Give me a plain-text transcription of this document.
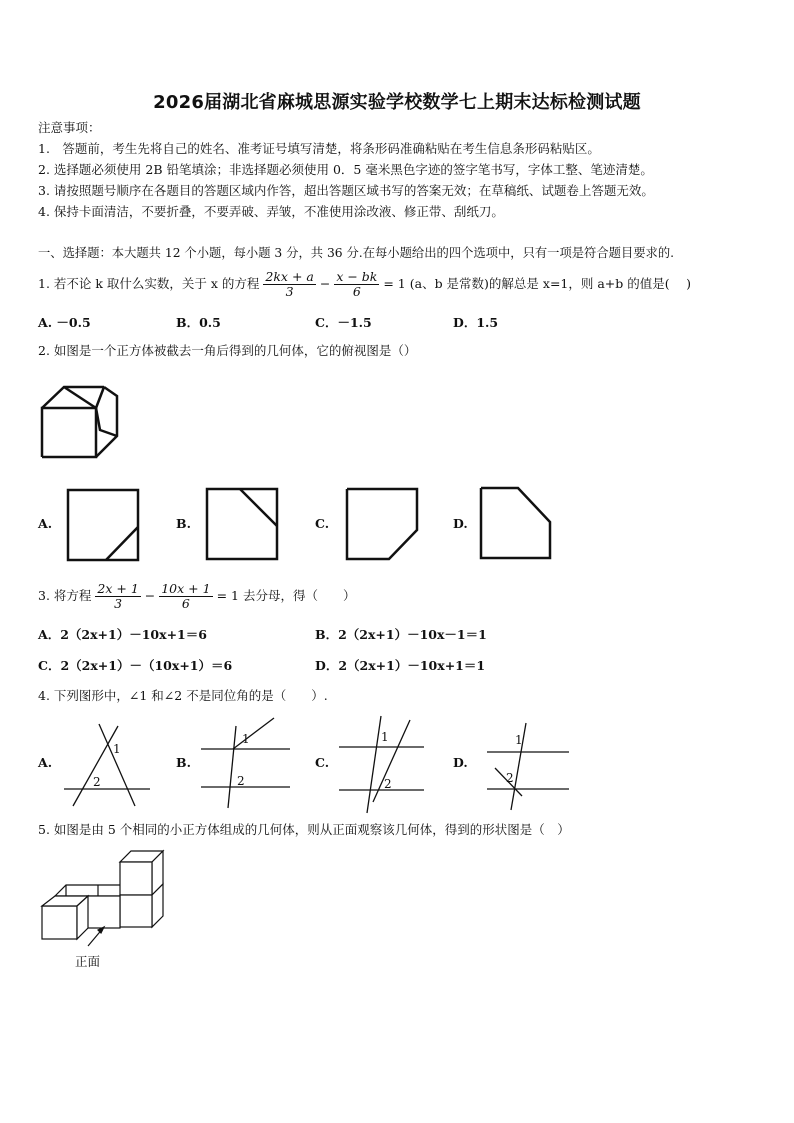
2026届湖北省麻城思源实验学校数学七上期末达标检测试题
注意事项：
1.　答题前，考生先将自己的姓名、准考证号填写清楚，将条形码准确粘贴在考生信息条形码粘贴区。
2. 选择题必须使用 2B 铅笔填涂；非选择题必须使用 0．5 毫米黑色字迹的签字笔书写，字体工整、笔迹清楚。
3. 请按照题号顺序在各题目的答题区域内作答，超出答题区域书写的答案无效；在草稿纸、试题卷上答题无效。
4. 保持卡面清洁，不要折叠，不要弄破、弄皱，不准使用涂改液、修正带、刮纸刀。
一、选择题：本大题共 12 个小题，每小题 3 分，共 36 分.在每小题给出的四个选项中，只有一项是符合题目要求的.
1. 若不论 k 取什么实数，关于 x 的方程 $\frac{2kx + a}{3} - \frac{x - bk}{6} = 1$ (a、b 是常数)的解总是 x=1，则 a+b 的值是(　 )
A. －0.5	B．0.5	C．－1.5	D．1.5
2. 如图是一个正方体被截去一角后得到的几何体，它的俯视图是（）
A.	B.	C.	D.
3. 将方程 $\frac{2x + 1}{3} - \frac{10x + 1}{6} = 1$ 去分母，得（　　）
A．2（2x+1）－10x+1＝6	B．2（2x+1）－10x－1＝1
C．2（2x+1）－（10x+1）＝6	D．2（2x+1）－10x+1＝1
4. 下列图形中，∠1 和∠2 不是同位角的是（　　）.
1
2
1
2
1
2
1
2
A.	B.	C.	D.
5. 如图是由 5 个相同的小正方体组成的几何体，则从正面观察该几何体，得到的形状图是（　）
正面
